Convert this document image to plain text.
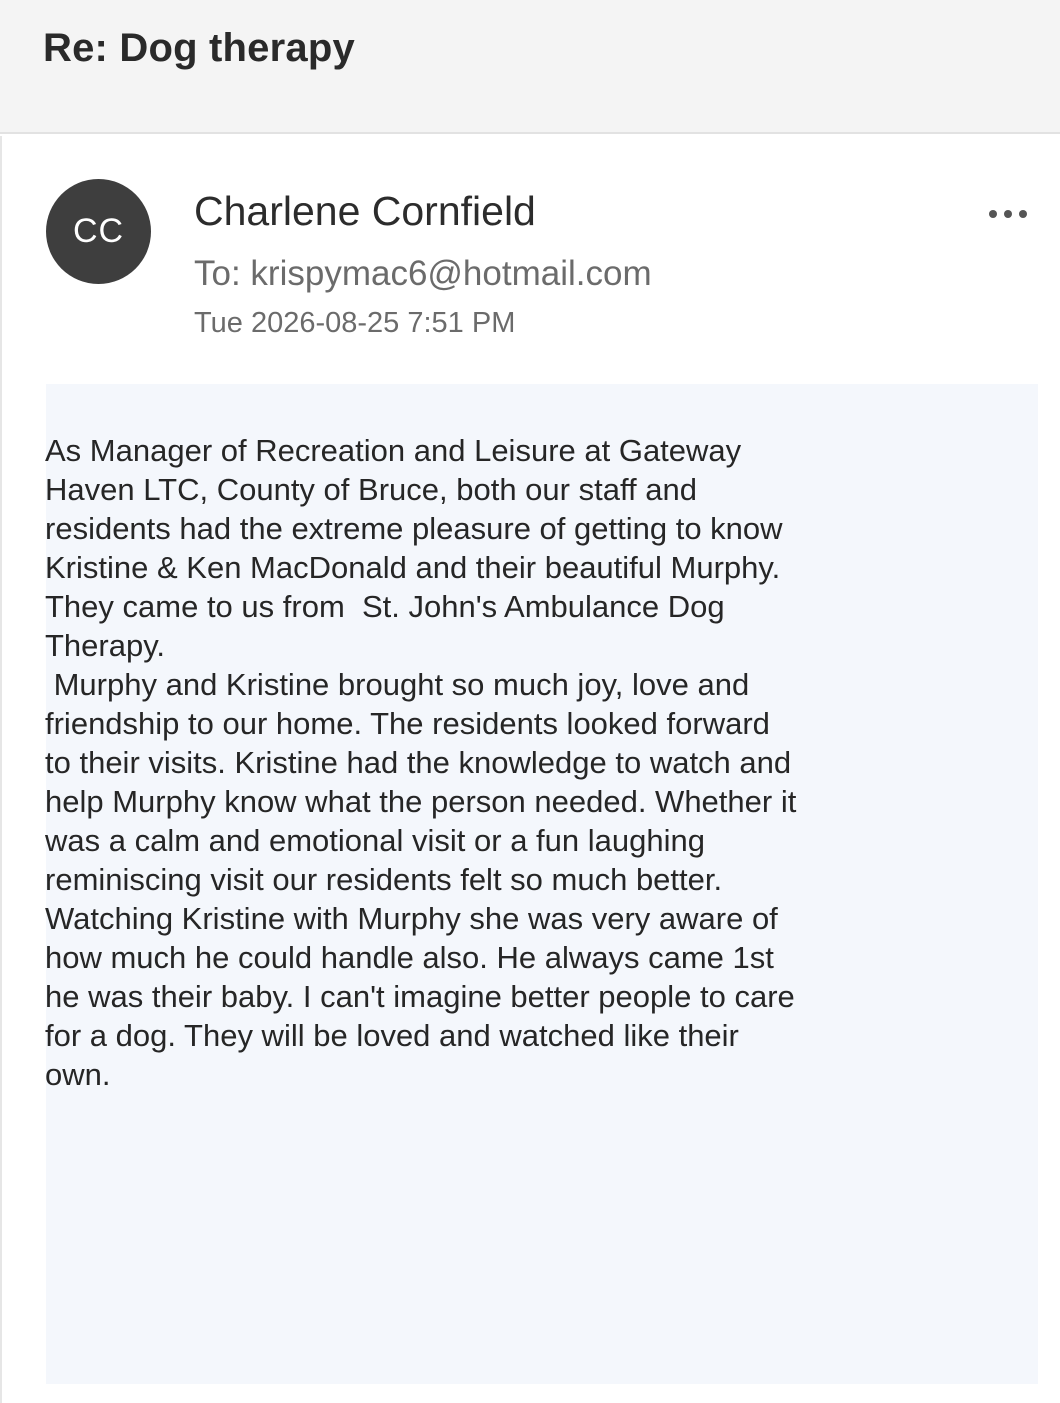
Re: Dog therapy
CC Charlene Cornfield
To: krispymac6@hotmail.com
Tue 2026-08-25 7:51 PM
As Manager of Recreation and Leisure at Gateway
Haven LTC, County of Bruce, both our staff and
residents had the extreme pleasure of getting to know
Kristine & Ken MacDonald and their beautiful Murphy.
They came to us from  St. John's Ambulance Dog
Therapy.
Murphy and Kristine brought so much joy, love and
friendship to our home. The residents looked forward
to their visits. Kristine had the knowledge to watch and
help Murphy know what the person needed. Whether it
was a calm and emotional visit or a fun laughing
reminiscing visit our residents felt so much better.
Watching Kristine with Murphy she was very aware of
how much he could handle also. He always came 1st
he was their baby. I can't imagine better people to care
for a dog. They will be loved and watched like their
own.
